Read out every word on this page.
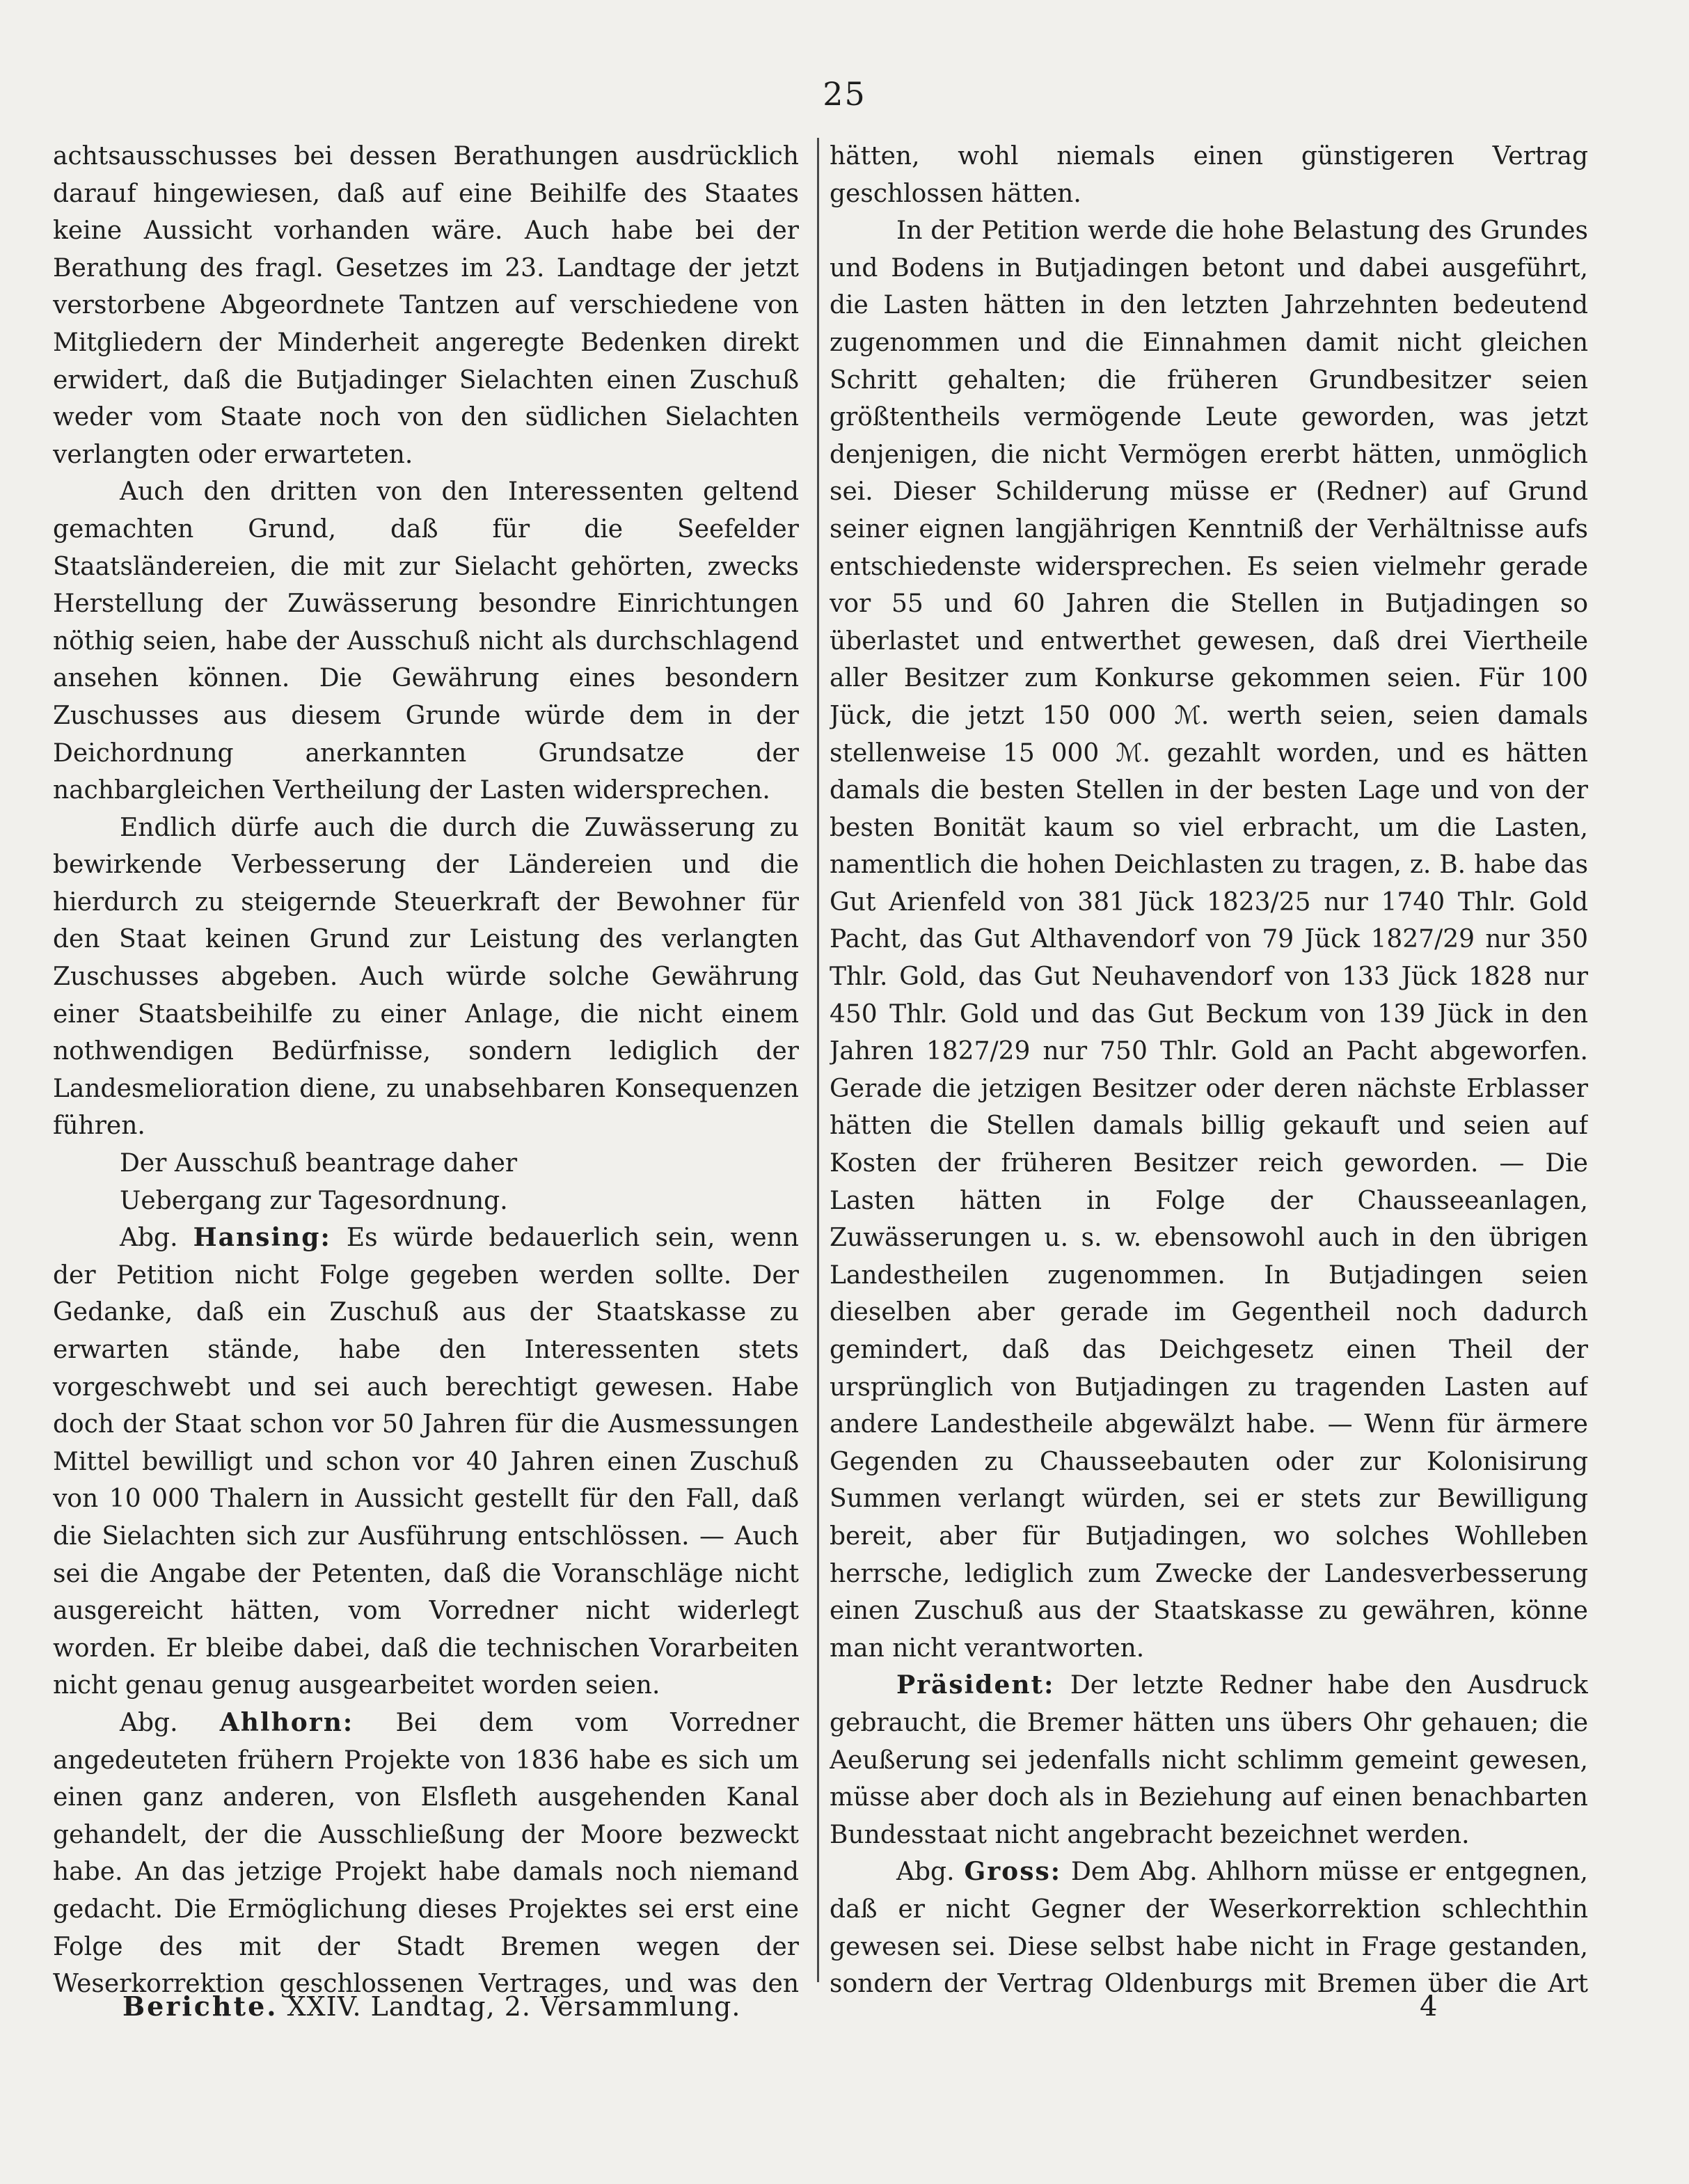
25

achtsausschusses bei dessen Berathungen ausdrücklich darauf hingewiesen, daß auf eine Beihilfe des Staates keine Aussicht vorhanden wäre. Auch habe bei der Berathung des fragl. Gesetzes im 23. Landtage der jetzt verstorbene Abgeordnete Tantzen auf verschiedene von Mitgliedern der Minderheit angeregte Bedenken direkt erwidert, daß die Butjadinger Sielachten einen Zuschuß weder vom Staate noch von den südlichen Sielachten verlangten oder erwarteten.

Auch den dritten von den Interessenten geltend gemachten Grund, daß für die Seefelder Staatsländereien, die mit zur Sielacht gehörten, zwecks Herstellung der Zuwässerung besondre Einrichtungen nöthig seien, habe der Ausschuß nicht als durchschlagend ansehen können. Die Gewährung eines besondern Zuschusses aus diesem Grunde würde dem in der Deichordnung anerkannten Grundsatze der nachbargleichen Vertheilung der Lasten widersprechen.

Endlich dürfe auch die durch die Zuwässerung zu bewirkende Verbesserung der Ländereien und die hierdurch zu steigernde Steuerkraft der Bewohner für den Staat keinen Grund zur Leistung des verlangten Zuschusses abgeben. Auch würde solche Gewährung einer Staatsbeihilfe zu einer Anlage, die nicht einem nothwendigen Bedürfnisse, sondern lediglich der Landesmelioration diene, zu unabsehbaren Konsequenzen führen.

Der Ausschuß beantrage daher

Uebergang zur Tagesordnung.

Abg. Hansing: Es würde bedauerlich sein, wenn der Petition nicht Folge gegeben werden sollte. Der Gedanke, daß ein Zuschuß aus der Staatskasse zu erwarten stände, habe den Interessenten stets vorgeschwebt und sei auch berechtigt gewesen. Habe doch der Staat schon vor 50 Jahren für die Ausmessungen Mittel bewilligt und schon vor 40 Jahren einen Zuschuß von 10 000 Thalern in Aussicht gestellt für den Fall, daß die Sielachten sich zur Ausführung entschlössen. — Auch sei die Angabe der Petenten, daß die Voranschläge nicht ausgereicht hätten, vom Vorredner nicht widerlegt worden. Er bleibe dabei, daß die technischen Vorarbeiten nicht genau genug ausgearbeitet worden seien.

Abg. Ahlhorn: Bei dem vom Vorredner angedeuteten frühern Projekte von 1836 habe es sich um einen ganz anderen, von Elsfleth ausgehenden Kanal gehandelt, der die Ausschließung der Moore bezweckt habe. An das jetzige Projekt habe damals noch niemand gedacht. Die Ermöglichung dieses Projektes sei erst eine Folge des mit der Stadt Bremen wegen der Weserkorrektion geschlossenen Vertrages, und was den

hätten, wohl niemals einen günstigeren Vertrag geschlossen hätten.

In der Petition werde die hohe Belastung des Grundes und Bodens in Butjadingen betont und dabei ausgeführt, die Lasten hätten in den letzten Jahrzehnten bedeutend zugenommen und die Einnahmen damit nicht gleichen Schritt gehalten; die früheren Grundbesitzer seien größtentheils vermögende Leute geworden, was jetzt denjenigen, die nicht Vermögen ererbt hätten, unmöglich sei. Dieser Schilderung müsse er (Redner) auf Grund seiner eignen langjährigen Kenntniß der Verhältnisse aufs entschiedenste widersprechen. Es seien vielmehr gerade vor 55 und 60 Jahren die Stellen in Butjadingen so überlastet und entwerthet gewesen, daß drei Viertheile aller Besitzer zum Konkurse gekommen seien. Für 100 Jück, die jetzt 150 000 ℳ. werth seien, seien damals stellenweise 15 000 ℳ. gezahlt worden, und es hätten damals die besten Stellen in der besten Lage und von der besten Bonität kaum so viel erbracht, um die Lasten, namentlich die hohen Deichlasten zu tragen, z. B. habe das Gut Arienfeld von 381 Jück 1823/25 nur 1740 Thlr. Gold Pacht, das Gut Althavendorf von 79 Jück 1827/29 nur 350 Thlr. Gold, das Gut Neuhavendorf von 133 Jück 1828 nur 450 Thlr. Gold und das Gut Beckum von 139 Jück in den Jahren 1827/29 nur 750 Thlr. Gold an Pacht abgeworfen. Gerade die jetzigen Besitzer oder deren nächste Erblasser hätten die Stellen damals billig gekauft und seien auf Kosten der früheren Besitzer reich geworden. — Die Lasten hätten in Folge der Chausseeanlagen, Zuwässerungen u. s. w. ebensowohl auch in den übrigen Landestheilen zugenommen. In Butjadingen seien dieselben aber gerade im Gegentheil noch dadurch gemindert, daß das Deichgesetz einen Theil der ursprünglich von Butjadingen zu tragenden Lasten auf andere Landestheile abgewälzt habe. — Wenn für ärmere Gegenden zu Chausseebauten oder zur Kolonisirung Summen verlangt würden, sei er stets zur Bewilligung bereit, aber für Butjadingen, wo solches Wohlleben herrsche, lediglich zum Zwecke der Landesverbesserung einen Zuschuß aus der Staatskasse zu gewähren, könne man nicht verantworten.

Präsident: Der letzte Redner habe den Ausdruck gebraucht, die Bremer hätten uns übers Ohr gehauen; die Aeußerung sei jedenfalls nicht schlimm gemeint gewesen, müsse aber doch als in Beziehung auf einen benachbarten Bundesstaat nicht angebracht bezeichnet werden.

Abg. Gross: Dem Abg. Ahlhorn müsse er entgegnen, daß er nicht Gegner der Weserkorrektion schlechthin gewesen sei. Diese selbst habe nicht in Frage gestanden, sondern der Vertrag Oldenburgs mit Bremen über die Art

Berichte. XXIV. Landtag, 2. Versammlung.	4
